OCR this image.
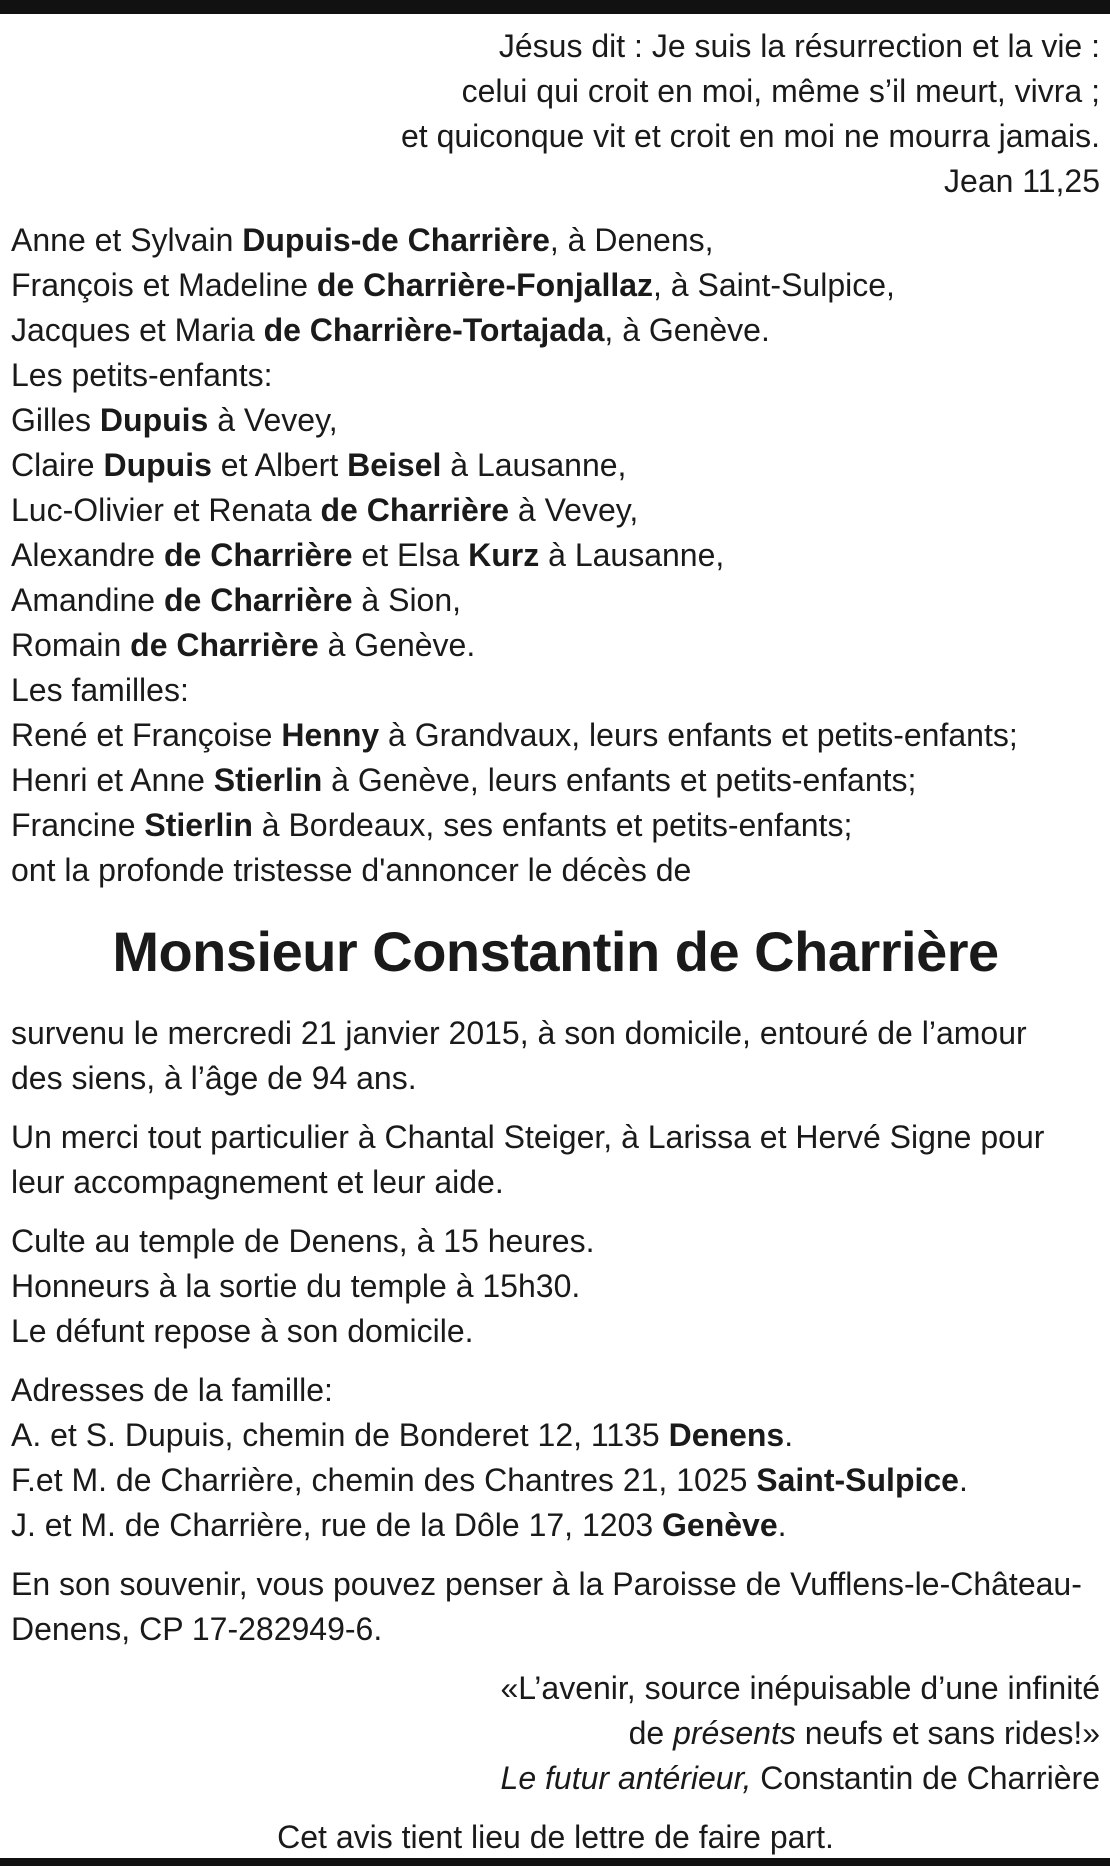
Jésus dit : Je suis la résurrection et la vie :
celui qui croit en moi, même s’il meurt, vivra ;
et quiconque vit et croit en moi ne mourra jamais.
Jean 11,25
Anne et Sylvain Dupuis-de Charrière, à Denens,
François et Madeline de Charrière-Fonjallaz, à Saint-Sulpice,
Jacques et Maria de Charrière-Tortajada, à Genève.
Les petits-enfants:
Gilles Dupuis à Vevey,
Claire Dupuis et Albert Beisel à Lausanne,
Luc-Olivier et Renata de Charrière à Vevey,
Alexandre de Charrière et Elsa Kurz à Lausanne,
Amandine de Charrière à Sion,
Romain de Charrière à Genève.
Les familles:
René et Françoise Henny à Grandvaux, leurs enfants et petits-enfants;
Henri et Anne Stierlin à Genève, leurs enfants et petits-enfants;
Francine Stierlin à Bordeaux, ses enfants et petits-enfants;
ont la profonde tristesse d'annoncer le décès de
Monsieur Constantin de Charrière
survenu le mercredi 21 janvier 2015, à son domicile, entouré de l’amour
des siens, à l’âge de 94 ans.
Un merci tout particulier à Chantal Steiger, à Larissa et Hervé Signe pour
leur accompagnement et leur aide.
Culte au temple de Denens, à 15 heures.
Honneurs à la sortie du temple à 15h30.
Le défunt repose à son domicile.
Adresses de la famille:
A. et S. Dupuis, chemin de Bonderet 12, 1135 Denens.
F.et M. de Charrière, chemin des Chantres 21, 1025 Saint-Sulpice.
J. et M. de Charrière, rue de la Dôle 17, 1203 Genève.
En son souvenir, vous pouvez penser à la Paroisse de Vufflens-le-Château-
Denens, CP 17-282949-6.
«L’avenir, source inépuisable d’une infinité
de présents neufs et sans rides!»
Le futur antérieur, Constantin de Charrière
Cet avis tient lieu de lettre de faire part.
